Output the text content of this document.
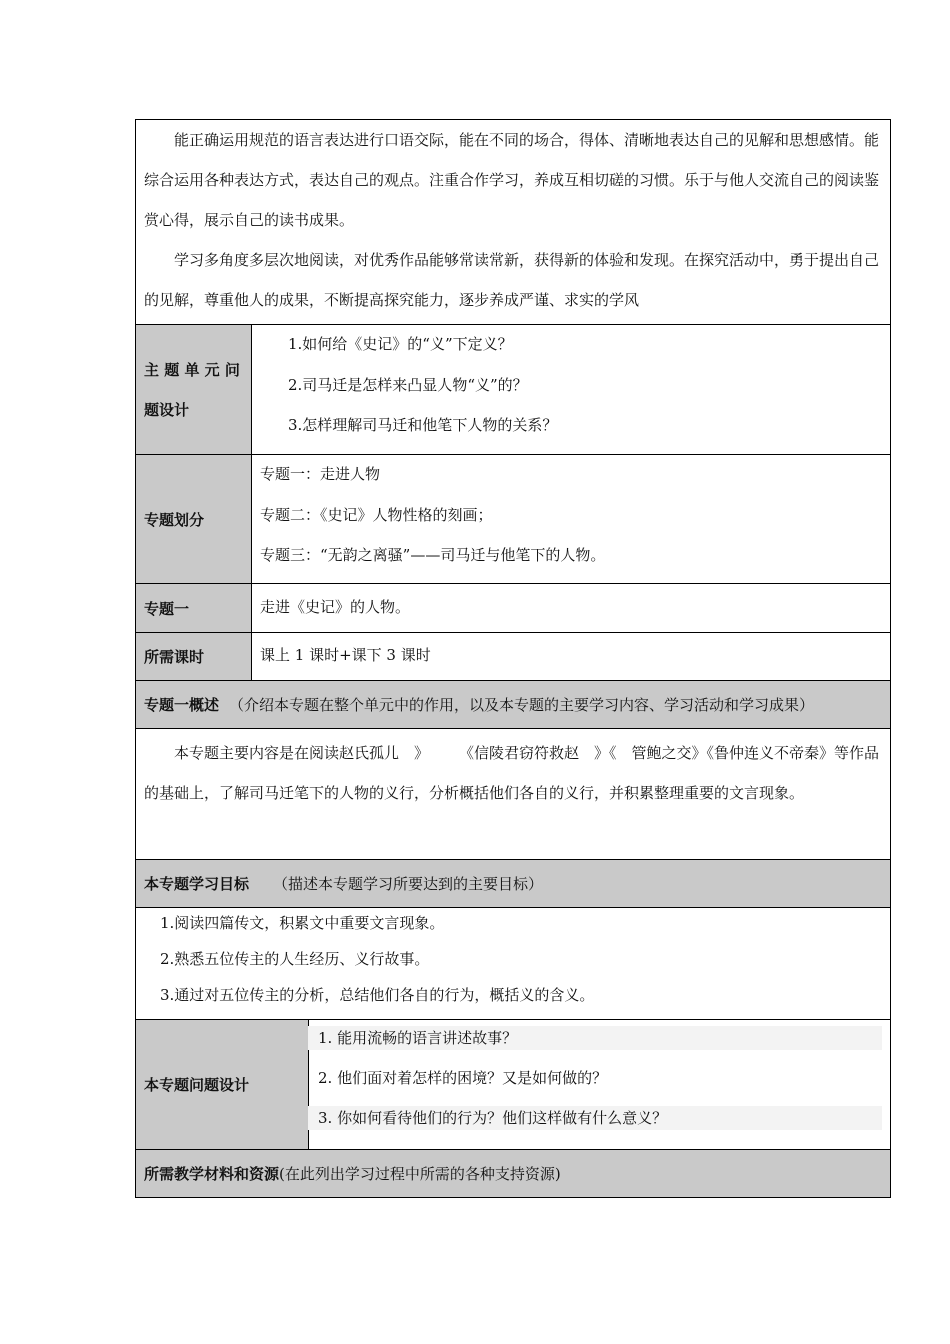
能正确运用规范的语言表达进行口语交际，能在不同的场合，得体、清晰地表达自己的见解和思想感情。能综合运用各种表达方式，表达自己的观点。注重合作学习，养成互相切磋的习惯。乐于与他人交流自己的阅读鉴赏心得，展示自己的读书成果。

学习多角度多层次地阅读，对优秀作品能够常读常新，获得新的体验和发现。在探究活动中，勇于提出自己的见解，尊重他人的成果，不断提高探究能力，逐步养成严谨、求实的学风

主 题 单 元 问
题设计
1.如何给《史记》的“义”下定义？
2.司马迁是怎样来凸显人物“义”的？
3.怎样理解司马迁和他笔下人物的关系？
专题划分
专题一：走进人物
专题二：《史记》人物性格的刻画；
专题三：“无韵之离骚”——司马迁与他笔下的人物。
专题一	走进《史记》的人物。
所需课时	课上 1 课时+课下 3 课时
专题一概述 （介绍本专题在整个单元中的作用，以及本专题的主要学习内容、学习活动和学习成果）

本专题主要内容是在阅读赵氏孤儿　》　　　《信陵君窃符救赵　》《　管鲍之交》《鲁仲连义不帝秦》等作品的基础上，了解司马迁笔下的人物的义行，分析概括他们各自的义行，并积累整理重要的文言现象。

本专题学习目标 （描述本专题学习所要达到的主要目标）
1.阅读四篇传文，积累文中重要文言现象。
2.熟悉五位传主的人生经历、义行故事。
3.通过对五位传主的分析，总结他们各自的行为，概括义的含义。
本专题问题设计
1. 能用流畅的语言讲述故事？
2. 他们面对着怎样的困境？又是如何做的？
3. 你如何看待他们的行为？他们这样做有什么意义？
所需教学材料和资源 (在此列出学习过程中所需的各种支持资源)
